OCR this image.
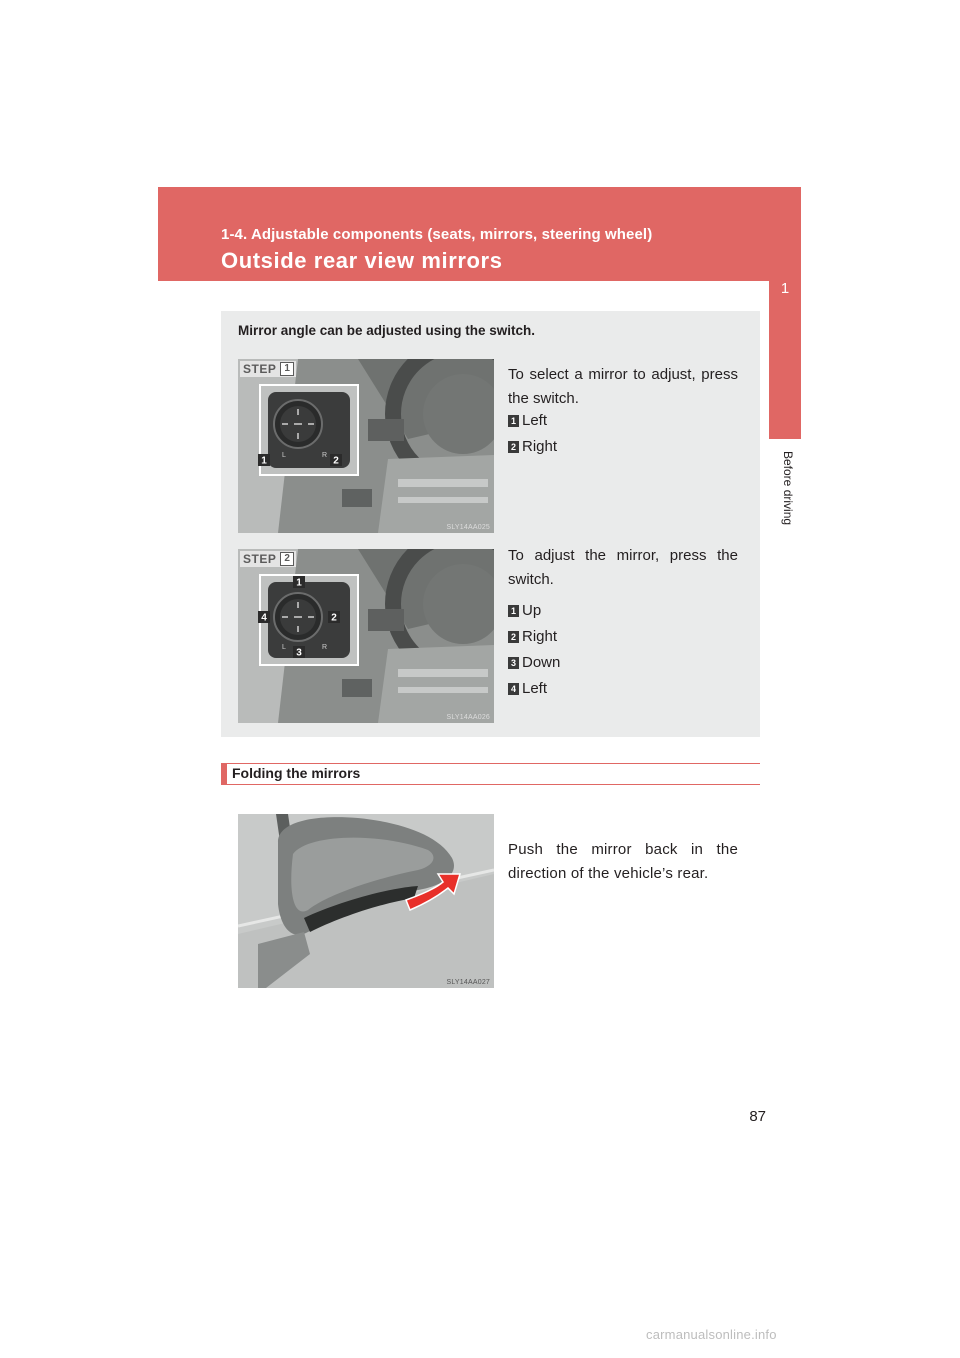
1-4. Adjustable components (seats, mirrors, steering wheel)
Outside rear view mirrors
1
Before driving
Mirror angle can be adjusted using the switch.
L	R
1	2
STEP 1
SLY14AA025
To select a mirror to adjust, press the switch.
1 Left
2 Right
L	R
1
2
3
4
STEP 2
SLY14AA026
To adjust the mirror, press the switch.
1 Up
2 Right
3 Down
4 Left
Folding the mirrors
SLY14AA027
Push the mirror back in the direction of the vehicle’s rear.
87
carmanualsonline.info
